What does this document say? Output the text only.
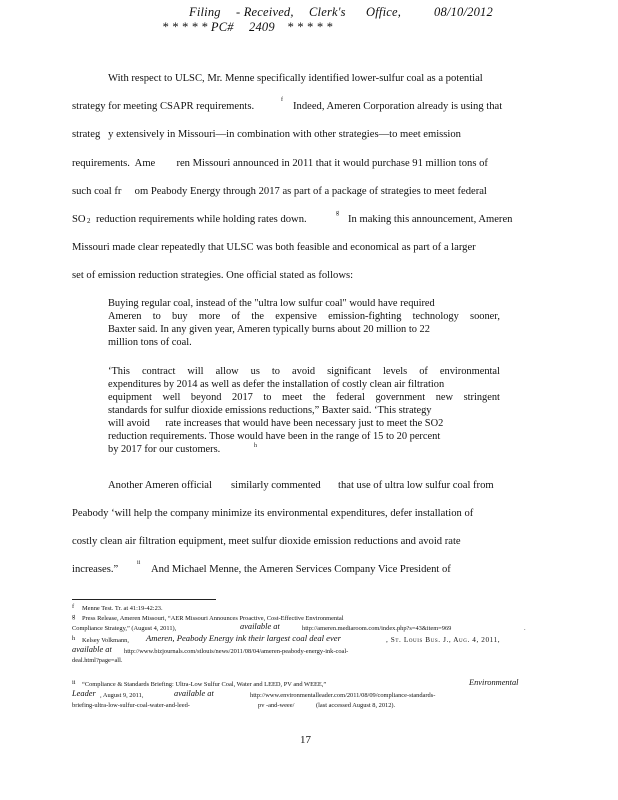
Filing - Received, Clerk's Office,	08/10/2012
* * * * * PC# 2409 * * * * *
With respect to ULSC, Mr. Menne specifically identified lower-sulfur coal as a potential
strategy for meeting CSAPR requirements.
f
Indeed, Ameren Corporation already is using that
strateg   y extensively in Missouri—in combination with other strategies—to meet emission
requirements.  Ame        ren Missouri announced in 2011 that it would purchase 91 million tons of
such coal fr     om Peabody Energy through 2017 as part of a package of strategies to meet federal
SO 2 reduction requirements while holding rates down.
g
In making this announcement, Ameren
Missouri made clear repeatedly that ULSC was both feasible and economical as part of a larger
set of emission reduction strategies. One official stated as follows:
Buying regular coal, instead of the "ultra low sulfur coal" would have required
Ameren to buy more of the expensive emission-fighting technology sooner,
Baxter said. In any given year, Ameren typically burns about 20 million to 22
million tons of coal.
‘This contract will allow us to avoid significant levels of environmental
expenditures by 2014 as well as defer the installation of costly clean air filtration
equipment well beyond 2017 to meet the federal government new stringent
standards for sulfur dioxide emissions reductions,” Baxter said. ‘This strategy
will avoid      rate increases that would have been necessary just to meet the SO2
reduction requirements. Those would have been in the range of 15 to 20 percent
by 2017 for our customers.	h
Another Ameren official similarly commented that use of ultra low sulfur coal from
Peabody ‘will help the company minimize its environmental expenditures, defer installation of
costly clean air filtration equipment, meet sulfur dioxide emission reductions and avoid rate
increases.”
ii
And Michael Menne, the Ameren Services Company Vice President of
f Menne Test. Tr. at 41:19-42:23.
g Press Release, Ameren Missouri, “AER Missouri Announces Proactive, Cost-Effective Environmental
Compliance Strategy,” (August 4, 2011),	available at	http://ameren.mediaroom.com/index.php?s=43&item=969	.
h Kelsey Volkmann, Ameren, Peabody Energy ink their largest coal deal ever	, St. Louis Bus. J., Aug. 4, 2011,
available at http://www.bizjournals.com/stlouis/news/2011/08/04/ameren-peabody-energy-ink-coal-
deal.html?page=all.
ii “Compliance & Standards Briefing: Ultra-Low Sulfur Coal, Water and LEED, PV and WEEE,”	Environmental
Leader , August 9, 2011,	available at	http://www.environmentalleader.com/2011/08/09/compliance-standards-
briefing-ultra-low-sulfur-coal-water-and-leed-	pv -and-weee/	(last accessed August 8, 2012).
17
